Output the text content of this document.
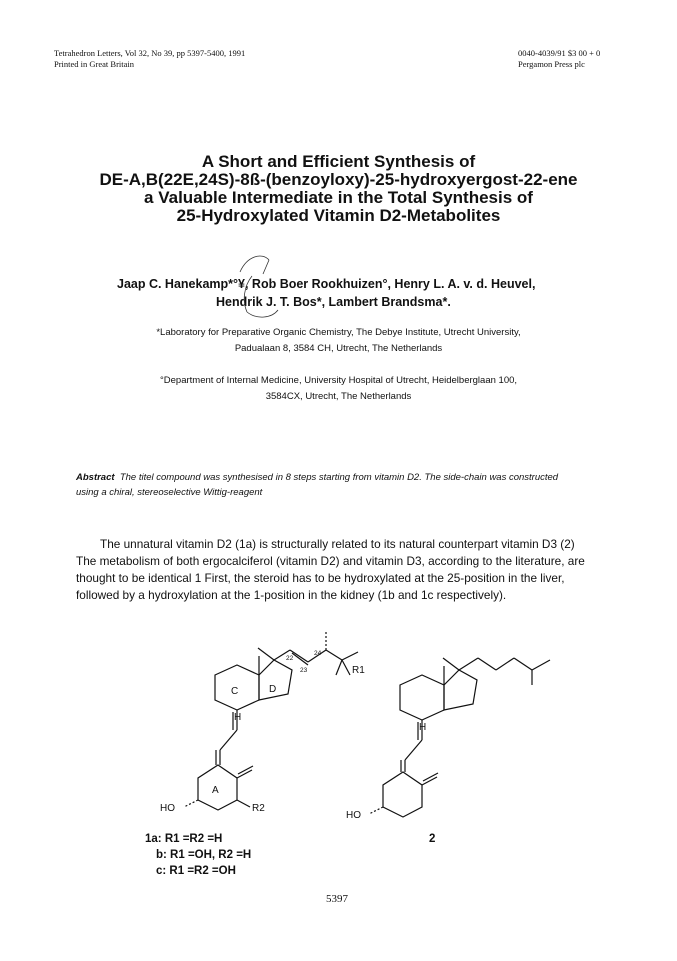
Tetrahedron Letters, Vol 32, No 39, pp 5397-5400, 1991
Printed in Great Britain
0040-4039/91 $3 00 + 0
Pergamon Press plc
A Short and Efficient Synthesis of
DE-A,B(22E,24S)-8ß-(benzoyloxy)-25-hydroxyergost-22-ene
a Valuable Intermediate in the Total Synthesis of
25-Hydroxylated Vitamin D2-Metabolites
Jaap C. Hanekamp*°¥, Rob Boer Rookhuizen°, Henry L. A. v. d. Heuvel,
Hendrik J. T. Bos*, Lambert Brandsma*.
*Laboratory for Preparative Organic Chemistry, The Debye Institute, Utrecht University,
Padualaan 8, 3584 CH, Utrecht, The Netherlands
°Department of Internal Medicine, University Hospital of Utrecht, Heidelberglaan 100,
3584CX, Utrecht, The Netherlands
Abstract The titel compound was synthesised in 8 steps starting from vitamin D2. The side-chain was constructed
using a chiral, stereoselective Wittig-reagent
The unnatural vitamin D2 (1a) is structurally related to its natural counterpart vitamin D3 (2)
The metabolism of both ergocalciferol (vitamin D2) and vitamin D3, according to the literature, are
thought to be identical 1 First, the steroid has to be hydroxylated at the 25-position in the liver,
followed by a hydroxylation at the 1-position in the kidney (1b and 1c respectively).
C	D
A
H
H
HO
HO
R1
R2
22
23
24
1a: R1 =R2 =H
b: R1 =OH, R2 =H
c: R1 =R2 =OH
2
5397
